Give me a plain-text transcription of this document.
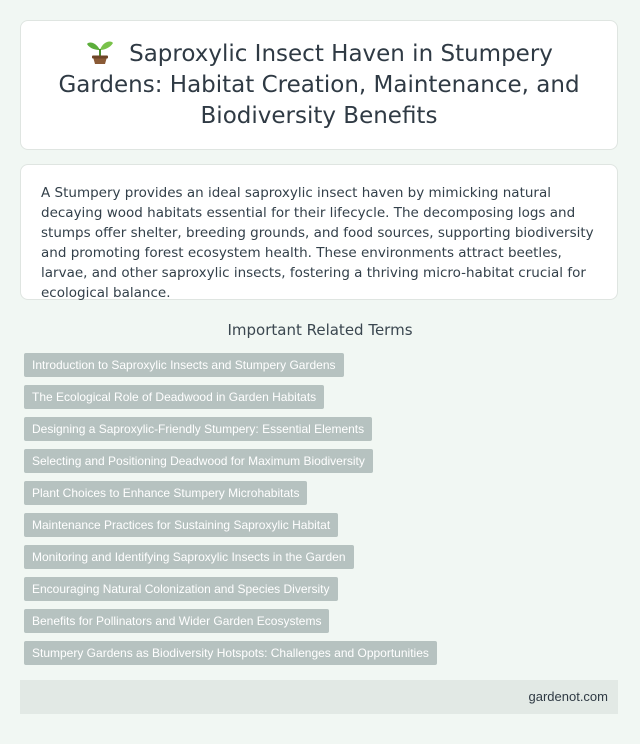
Saproxylic Insect Haven in Stumpery Gardens: Habitat Creation, Maintenance, and Biodiversity Benefits

A Stumpery provides an ideal saproxylic insect haven by mimicking natural decaying wood habitats essential for their lifecycle. The decomposing logs and stumps offer shelter, breeding grounds, and food sources, supporting biodiversity and promoting forest ecosystem health. These environments attract beetles, larvae, and other saproxylic insects, fostering a thriving micro-habitat crucial for ecological balance.

Important Related Terms
Introduction to Saproxylic Insects and Stumpery Gardens
The Ecological Role of Deadwood in Garden Habitats
Designing a Saproxylic-Friendly Stumpery: Essential Elements
Selecting and Positioning Deadwood for Maximum Biodiversity
Plant Choices to Enhance Stumpery Microhabitats
Maintenance Practices for Sustaining Saproxylic Habitat
Monitoring and Identifying Saproxylic Insects in the Garden
Encouraging Natural Colonization and Species Diversity
Benefits for Pollinators and Wider Garden Ecosystems
Stumpery Gardens as Biodiversity Hotspots: Challenges and Opportunities
gardenot.com
